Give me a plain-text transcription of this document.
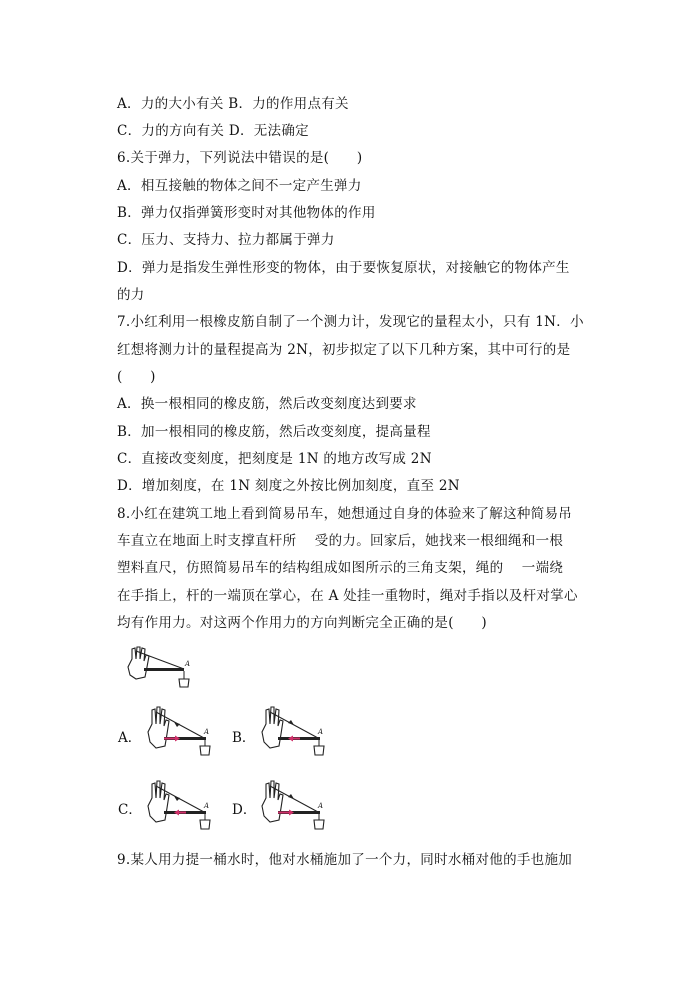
A．力的大小有关 B．力的作用点有关
C．力的方向有关 D．无法确定
6.关于弹力，下列说法中错误的是(　　)
A．相互接触的物体之间不一定产生弹力
B．弹力仅指弹簧形变时对其他物体的作用
C．压力、支持力、拉力都属于弹力
D．弹力是指发生弹性形变的物体，由于要恢复原状，对接触它的物体产生
的力
7.小红利用一根橡皮筋自制了一个测力计，发现它的量程太小，只有 1N．小
红想将测力计的量程提高为 2N，初步拟定了以下几种方案，其中可行的是
(　　)
A．换一根相同的橡皮筋，然后改变刻度达到要求
B．加一根相同的橡皮筋，然后改变刻度，提高量程
C．直接改变刻度，把刻度是 1N 的地方改写成 2N
D．增加刻度，在 1N 刻度之外按比例加刻度，直至 2N
8.小红在建筑工地上看到简易吊车，她想通过自身的体验来了解这种简易吊
车直立在地面上时支撑直杆所　 受的力。回家后，她找来一根细绳和一根
塑料直尺，仿照简易吊车的结构组成如图所示的三角支架，绳的　 一端绕
在手指上，杆的一端顶在掌心，在 A 处挂一重物时，绳对手指以及杆对掌心
均有作用力。对这两个作用力的方向判断完全正确的是(　　)
9.某人用力提一桶水时，他对水桶施加了一个力，同时水桶对他的手也施加
A
A．	A B．	A
C．	A D．	A
